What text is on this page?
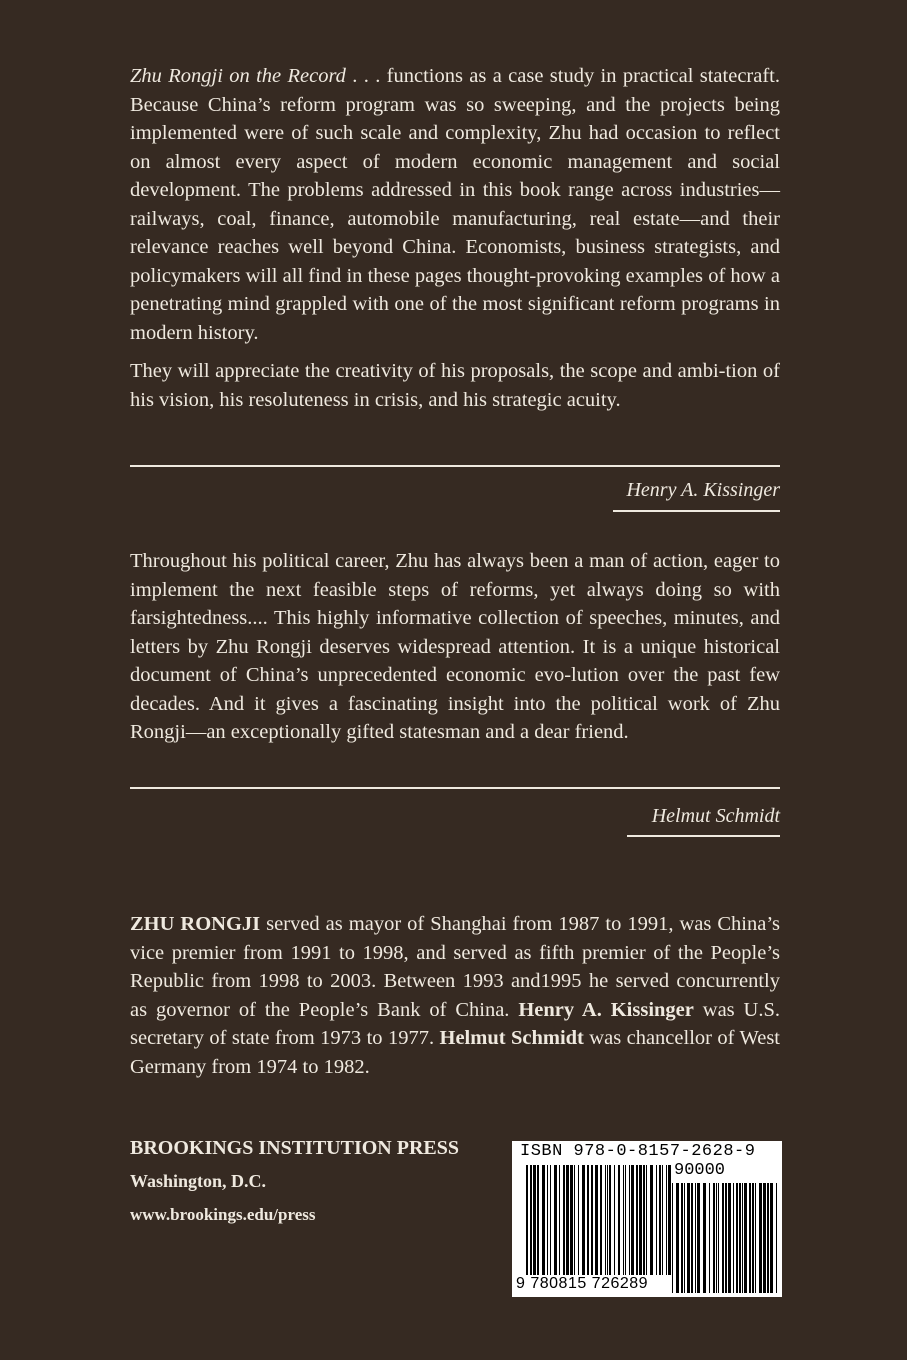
Zhu Rongji on the Record . . . functions as a case study in practical statecraft. Because China’s reform program was so sweeping, and the projects being implemented were of such scale and complexity, Zhu had occasion to reflect on almost every aspect of modern economic management and social development. The problems addressed in this book range across industries—railways, coal, finance, automobile manufacturing, real estate—and their relevance reaches well beyond China. Economists, business strategists, and policymakers will all find in these pages thought-provoking examples of how a penetrating mind grappled with one of the most significant reform programs in modern history.

They will appreciate the creativity of his proposals, the scope and ambi-tion of his vision, his resoluteness in crisis, and his strategic acuity.

Henry A. Kissinger

Throughout his political career, Zhu has always been a man of action, eager to implement the next feasible steps of reforms, yet always doing so with farsightedness.... This highly informative collection of speeches, minutes, and letters by Zhu Rongji deserves widespread attention. It is a unique historical document of China’s unprecedented economic evo-lution over the past few decades. And it gives a fascinating insight into the political work of Zhu Rongji—an exceptionally gifted statesman and a dear friend.

Helmut Schmidt

ZHU RONGJI served as mayor of Shanghai from 1987 to 1991, was China’s vice premier from 1991 to 1998, and served as fifth premier of the People’s Republic from 1998 to 2003. Between 1993 and1995 he served concurrently as governor of the People’s Bank of China. Henry A. Kissinger was U.S. secretary of state from 1973 to 1977. Helmut Schmidt was chancellor of West Germany from 1974 to 1982.

BROOKINGS INSTITUTION PRESS
Washington, D.C.
www.brookings.edu/press
ISBN 978-0-8157-2628-9
90000
9 780815 726289
